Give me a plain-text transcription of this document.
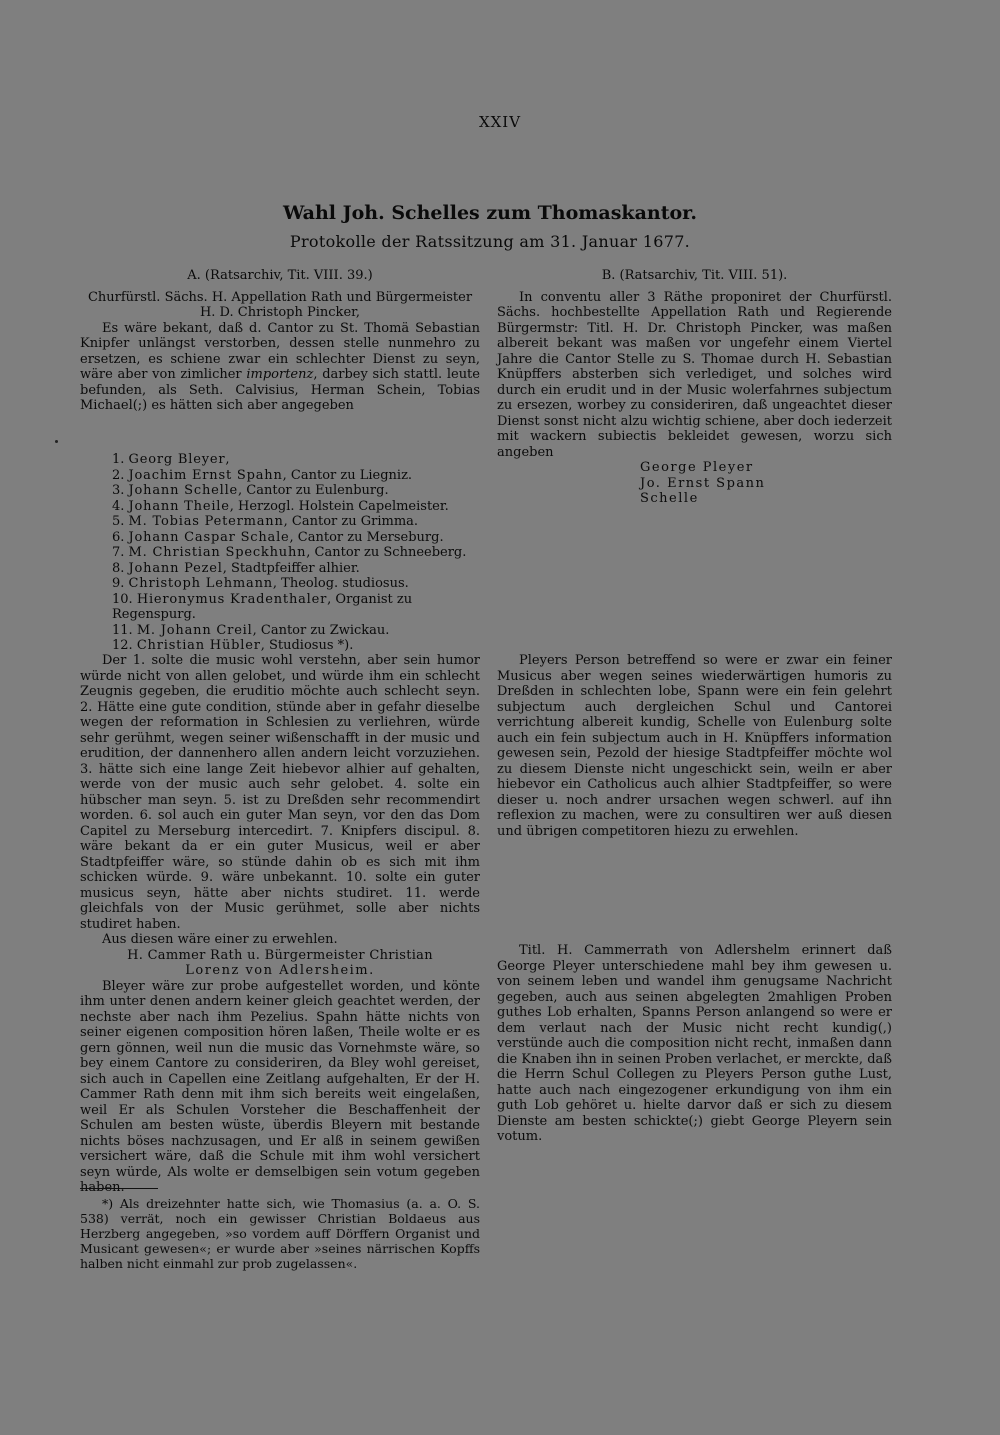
XXIV
Wahl Joh. Schelles zum Thomaskantor.
Protokolle der Ratssitzung am 31. Januar 1677.
A. (Ratsarchiv, Tit. VIII. 39.)
Churfürstl. Sächs. H. Appellation Rath und Bürgermeister
H. D. Christoph Pincker,

Es wäre bekant, daß d. Cantor zu St. Thomä Sebastian Knipfer unlängst verstorben, dessen stelle nunmehro zu ersetzen, es schiene zwar ein schlechter Dienst zu seyn, wäre aber von zimlicher importenz, darbey sich stattl. leute befunden, als Seth. Calvisius, Herman Schein, Tobias Michael(;) es hätten sich aber angegeben

1. Georg Bleyer,
2. Joachim Ernst Spahn, Cantor zu Liegniz.
3. Johann Schelle, Cantor zu Eulenburg.
4. Johann Theile, Herzogl. Holstein Capelmeister.
5. M. Tobias Petermann, Cantor zu Grimma.
6. Johann Caspar Schale, Cantor zu Merseburg.
7. M. Christian Speckhuhn, Cantor zu Schneeberg.
8. Johann Pezel, Stadtpfeiffer alhier.
9. Christoph Lehmann, Theolog. studiosus.
10. Hieronymus Kradenthaler, Organist zu Regenspurg.
11. M. Johann Creil, Cantor zu Zwickau.
12. Christian Hübler, Studiosus *).

Der 1. solte die music wohl verstehn, aber sein humor würde nicht von allen gelobet, und würde ihm ein schlecht Zeugnis gegeben, die eruditio möchte auch schlecht seyn. 2. Hätte eine gute condition, stünde aber in gefahr dieselbe wegen der reformation in Schlesien zu verliehren, würde sehr gerühmt, wegen seiner wißenschafft in der music und erudition, der dannenhero allen andern leicht vorzuziehen. 3. hätte sich eine lange Zeit hiebevor alhier auf gehalten, werde von der music auch sehr gelobet. 4. solte ein hübscher man seyn. 5. ist zu Dreßden sehr recommendirt worden. 6. sol auch ein guter Man seyn, vor den das Dom Capitel zu Merseburg intercedirt. 7. Knipfers discipul. 8. wäre bekant da er ein guter Musicus, weil er aber Stadtpfeiffer wäre, so stünde dahin ob es sich mit ihm schicken würde. 9. wäre unbekannt. 10. solte ein guter musicus seyn, hätte aber nichts studiret. 11. werde gleichfals von der Music gerühmet, solle aber nichts studiret haben.

Aus diesen wäre einer zu erwehlen.

H. Cammer Rath u. Bürgermeister Christian
Lorenz von Adlersheim.

Bleyer wäre zur probe aufgestellet worden, und könte ihm unter denen andern keiner gleich geachtet werden, der nechste aber nach ihm Pezelius. Spahn hätte nichts von seiner eigenen composition hören laßen, Theile wolte er es gern gönnen, weil nun die music das Vornehmste wäre, so bey einem Cantore zu consideriren, da Bley wohl gereiset, sich auch in Capellen eine Zeitlang aufgehalten, Er der H. Cammer Rath denn mit ihm sich bereits weit eingelaßen, weil Er als Schulen Vorsteher die Beschaffenheit der Schulen am besten wüste, überdis Bleyern mit bestande nichts böses nachzusagen, und Er alß in seinem gewißen versichert wäre, daß die Schule mit ihm wohl versichert seyn würde, Als wolte er demselbigen sein votum gegeben haben.

*) Als dreizehnter hatte sich, wie Thomasius (a. a. O. S. 538) verrät, noch ein gewisser Christian Boldaeus aus Herzberg angegeben, »so vordem auff Dörffern Organist und Musicant gewesen«; er wurde aber »seines närrischen Kopffs halben nicht einmahl zur prob zugelassen«.

B. (Ratsarchiv, Tit. VIII. 51).

In conventu aller 3 Räthe proponiret der Churfürstl. Sächs. hochbestellte Appellation Rath und Regierende Bürgermstr: Titl. H. Dr. Christoph Pincker, was maßen albereit bekant was maßen vor ungefehr einem Viertel Jahre die Cantor Stelle zu S. Thomae durch H. Sebastian Knüpffers absterben sich verlediget, und solches wird durch ein erudit und in der Music wolerfahrnes subjectum zu ersezen, worbey zu consideriren, daß ungeachtet dieser Dienst sonst nicht alzu wichtig schiene, aber doch iederzeit mit wackern subiectis bekleidet gewesen, worzu sich angeben

George Pleyer
Jo. Ernst Spann
Schelle

Pleyers Person betreffend so were er zwar ein feiner Musicus aber wegen seines wiederwärtigen humoris zu Dreßden in schlechten lobe, Spann were ein fein gelehrt subjectum auch dergleichen Schul und Cantorei verrichtung albereit kundig, Schelle von Eulenburg solte auch ein fein subjectum auch in H. Knüpffers information gewesen sein, Pezold der hiesige Stadtpfeiffer möchte wol zu diesem Dienste nicht ungeschickt sein, weiln er aber hiebevor ein Catholicus auch alhier Stadtpfeiffer, so were dieser u. noch andrer ursachen wegen schwerl. auf ihn reflexion zu machen, were zu consultiren wer auß diesen und übrigen competitoren hiezu zu erwehlen.

Titl. H. Cammerrath von Adlershelm erinnert daß George Pleyer unterschiedene mahl bey ihm gewesen u. von seinem leben und wandel ihm genugsame Nachricht gegeben, auch aus seinen abgelegten 2mahligen Proben guthes Lob erhalten, Spanns Person anlangend so were er dem verlaut nach der Music nicht recht kundig(,) verstünde auch die composition nicht recht, inmaßen dann die Knaben ihn in seinen Proben verlachet, er merckte, daß die Herrn Schul Collegen zu Pleyers Person guthe Lust, hatte auch nach eingezogener erkundigung von ihm ein guth Lob gehöret u. hielte darvor daß er sich zu diesem Dienste am besten schickte(;) giebt George Pleyern sein votum.
